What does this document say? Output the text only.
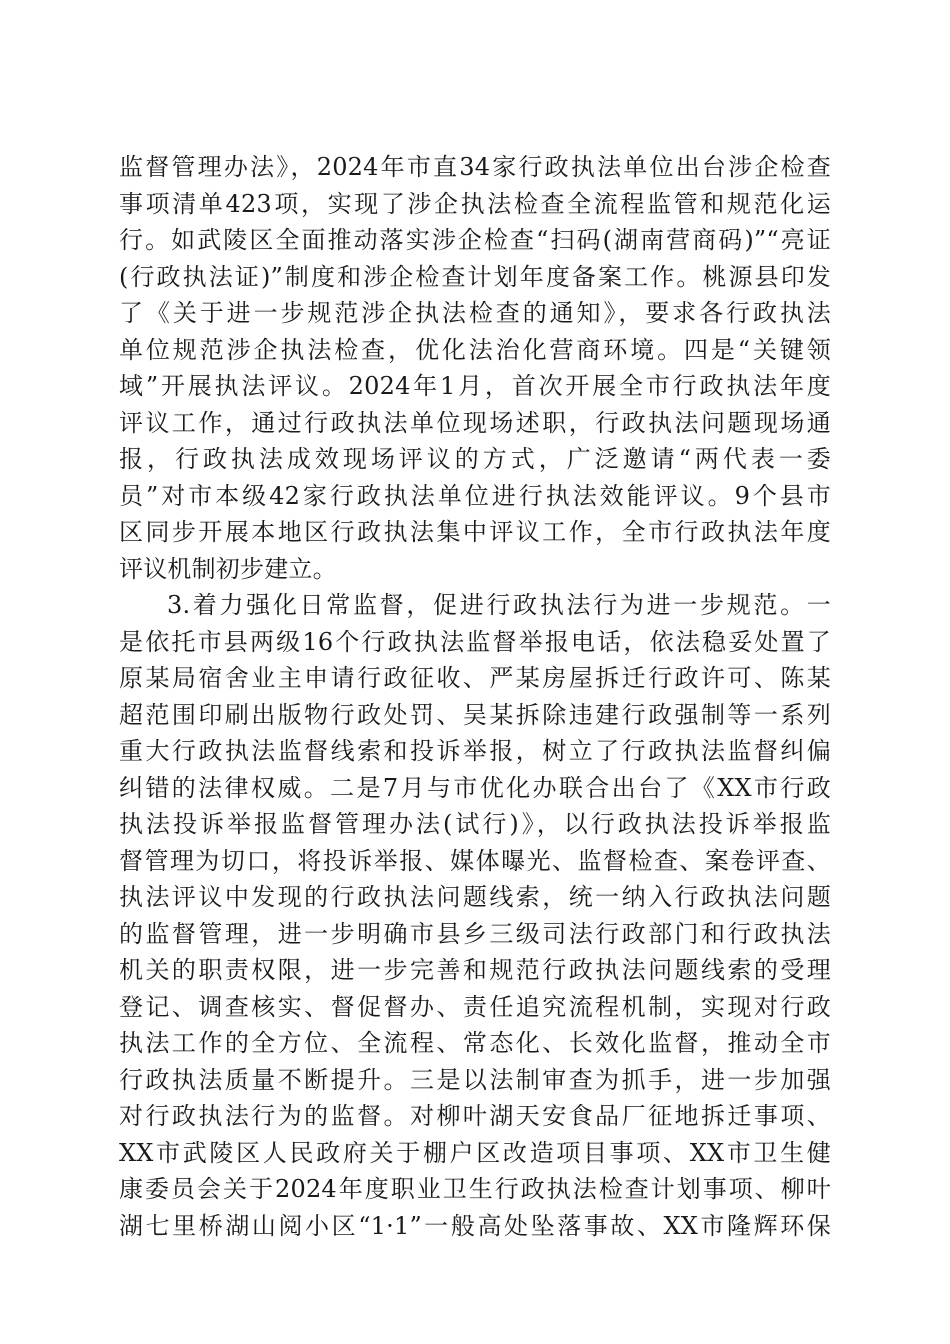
监督管理办法》，2024年市直34家行政执法单位出台涉企检查
事项清单423项，实现了涉企执法检查全流程监管和规范化运
行。如武陵区全面推动落实涉企检查“扫码(湖南营商码)”“亮证
(行政执法证)”制度和涉企检查计划年度备案工作。桃源县印发
了《关于进一步规范涉企执法检查的通知》，要求各行政执法
单位规范涉企执法检查，优化法治化营商环境。四是“关键领
域”开展执法评议。2024年1月，首次开展全市行政执法年度
评议工作，通过行政执法单位现场述职，行政执法问题现场通
报，行政执法成效现场评议的方式，广泛邀请“两代表一委
员”对市本级42家行政执法单位进行执法效能评议。9个县市
区同步开展本地区行政执法集中评议工作，全市行政执法年度
评议机制初步建立。
3.着力强化日常监督，促进行政执法行为进一步规范。一
是依托市县两级16个行政执法监督举报电话，依法稳妥处置了
原某局宿舍业主申请行政征收、严某房屋拆迁行政许可、陈某
超范围印刷出版物行政处罚、吴某拆除违建行政强制等一系列
重大行政执法监督线索和投诉举报，树立了行政执法监督纠偏
纠错的法律权威。二是7月与市优化办联合出台了《XX市行政
执法投诉举报监督管理办法(试行)》，以行政执法投诉举报监
督管理为切口，将投诉举报、媒体曝光、监督检查、案卷评查、
执法评议中发现的行政执法问题线索，统一纳入行政执法问题
的监督管理，进一步明确市县乡三级司法行政部门和行政执法
机关的职责权限，进一步完善和规范行政执法问题线索的受理
登记、调查核实、督促督办、责任追究流程机制，实现对行政
执法工作的全方位、全流程、常态化、长效化监督，推动全市
行政执法质量不断提升。三是以法制审查为抓手，进一步加强
对行政执法行为的监督。对柳叶湖天安食品厂征地拆迁事项、
XX市武陵区人民政府关于棚户区改造项目事项、XX市卫生健
康委员会关于2024年度职业卫生行政执法检查计划事项、柳叶
湖七里桥湖山阅小区“1·1”一般高处坠落事故、XX市隆辉环保
